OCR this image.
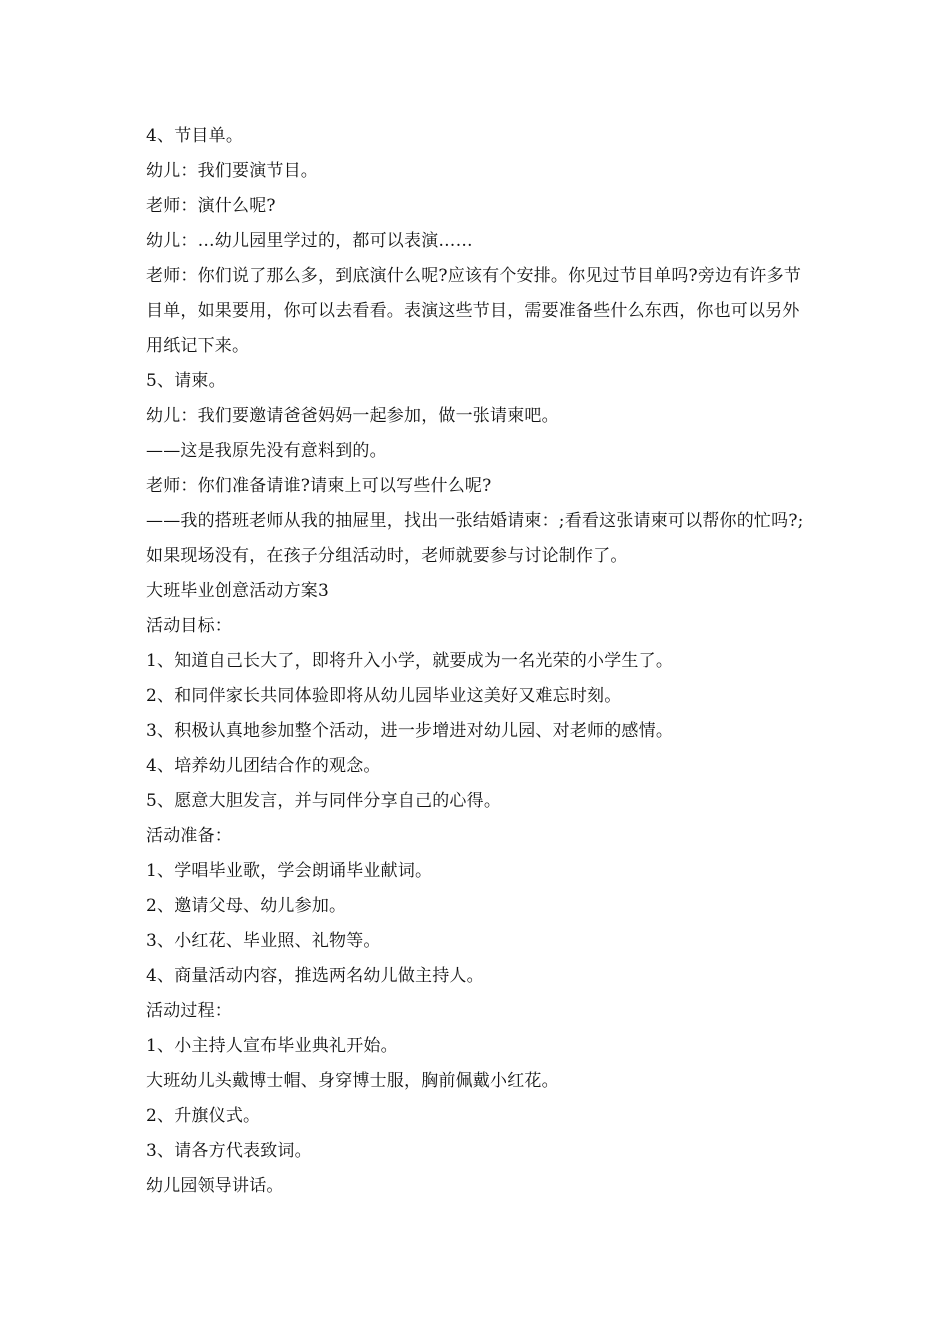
4、节目单。

幼儿：我们要演节目。

老师：演什么呢?

幼儿：…幼儿园里学过的，都可以表演……

老师：你们说了那么多，到底演什么呢?应该有个安排。你见过节目单吗?旁边有许多节目单，如果要用，你可以去看看。表演这些节目，需要准备些什么东西，你也可以另外用纸记下来。

5、请柬。

幼儿：我们要邀请爸爸妈妈一起参加，做一张请柬吧。

——这是我原先没有意料到的。

老师：你们准备请谁?请柬上可以写些什么呢?

——我的搭班老师从我的抽屉里，找出一张结婚请柬：;看看这张请柬可以帮你的忙吗?;如果现场没有，在孩子分组活动时，老师就要参与讨论制作了。

大班毕业创意活动方案3

活动目标：

1、知道自己长大了，即将升入小学，就要成为一名光荣的小学生了。

2、和同伴家长共同体验即将从幼儿园毕业这美好又难忘时刻。

3、积极认真地参加整个活动，进一步增进对幼儿园、对老师的感情。

4、培养幼儿团结合作的观念。

5、愿意大胆发言，并与同伴分享自己的心得。

活动准备：

1、学唱毕业歌，学会朗诵毕业献词。

2、邀请父母、幼儿参加。

3、小红花、毕业照、礼物等。

4、商量活动内容，推选两名幼儿做主持人。

活动过程：

1、小主持人宣布毕业典礼开始。

大班幼儿头戴博士帽、身穿博士服，胸前佩戴小红花。

2、升旗仪式。

3、请各方代表致词。

幼儿园领导讲话。
